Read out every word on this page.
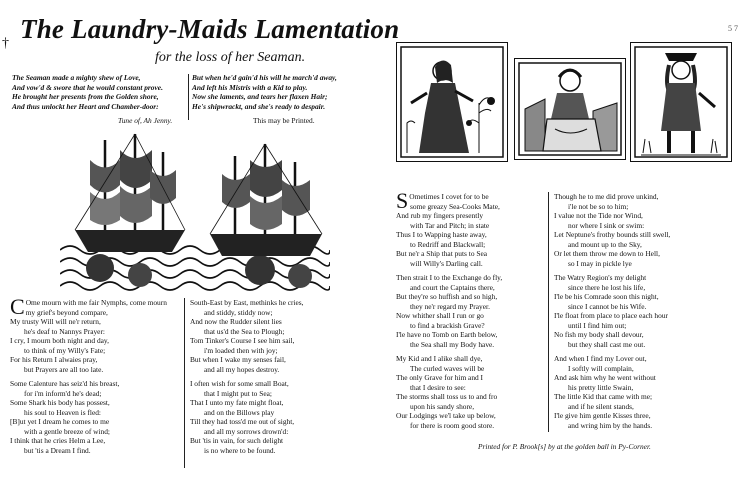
The Laundry-Maids Lamentation
for the loss of her Seaman.
†
5 7
The Seaman made a mighty shew of Love,
And vow'd & swore that he would constant prove.
He brought her presents from the Golden shore,
And thus unlockt her Heart and Chamber-door:
But when he'd gain'd his will he march'd away,
And left his Mistris with a Kid to play.
Now she laments, and tears her flaxen Hair;
He's shipwrackt, and she's ready to despair.
Tune of, Ah Jenny.	This may be Printed.
C Ome mourn with me fair Nymphs, come mourn
my grief's beyond compare,
My trusty Will will ne'r return,
he's deaf to Nannys Prayer:
I cry, I mourn both night and day,
to think of my Willy's Fate;
For his Return I alwaies pray,
but Prayers are all too late.
Some Calenture has seiz'd his breast,
for i'm inform'd he's dead;
Some Shark his body has possest,
his soul to Heaven is fled:
[B]ut yet I dream he comes to me
with a gentle breeze of wind;
I think that he cries Helm a Lee,
but 'tis a Dream I find.
South-East by East, methinks he cries,
and stiddy, stiddy now;
And now the Rudder silent lies
that us'd the Sea to Plough;
Tom Tinker's Course I see him sail,
i'm loaded then with joy;
But when I wake my senses fail,
and all my hopes destroy.
I often wish for some small Boat,
that I might put to Sea;
That I unto my fate might float,
and on the Billows play
Till they had toss'd me out of sight,
and all my sorrows drown'd:
But 'tis in vain, for such delight
is no where to be found.
S Ometimes I covet for to be
some greazy Sea-Cooks Mate,
And rub my fingers presently
with Tar and Pitch; in state
Thus I to Wapping haste away,
to Redriff and Blackwall;
But ne'r a Ship that puts to Sea
will Willy's Darling call.
Then strait I to the Exchange do fly,
and court the Captains there,
But they're so huffish and so high,
they ne'r regard my Prayer.
Now whither shall I run or go
to find a brackish Grave?
I'le have no Tomb on Earth below,
the Sea shall my Body have.
My Kid and I alike shall dye,
The curled waves will be
The only Grave for him and I
that I desire to see:
The storms shall toss us to and fro
upon his sandy shore,
Our Lodgings we'l take up below,
for there is room good store.
Though he to me did prove unkind,
i'le not be so to him;
I value not the Tide nor Wind,
nor where I sink or swim:
Let Neptune's frothy bounds still swell,
and mount up to the Sky,
Or let them throw me down to Hell,
so I may in pickle lye
The Watry Region's my delight
since there he lost his life,
I'le be his Comrade soon this night,
since I cannot be his Wife.
I'le float from place to place each hour
until I find him out;
No fish my body shall devour,
but they shall cast me out.
And when I find my Lover out,
I softly will complain,
And ask him why he went without
his pretty little Swain,
The little Kid that came with me;
and if he silent stands,
I'le give him gentle Kisses three,
and wring him by the hands.
Printed for P. Brook[s] by at the golden ball in Py-Corner.
